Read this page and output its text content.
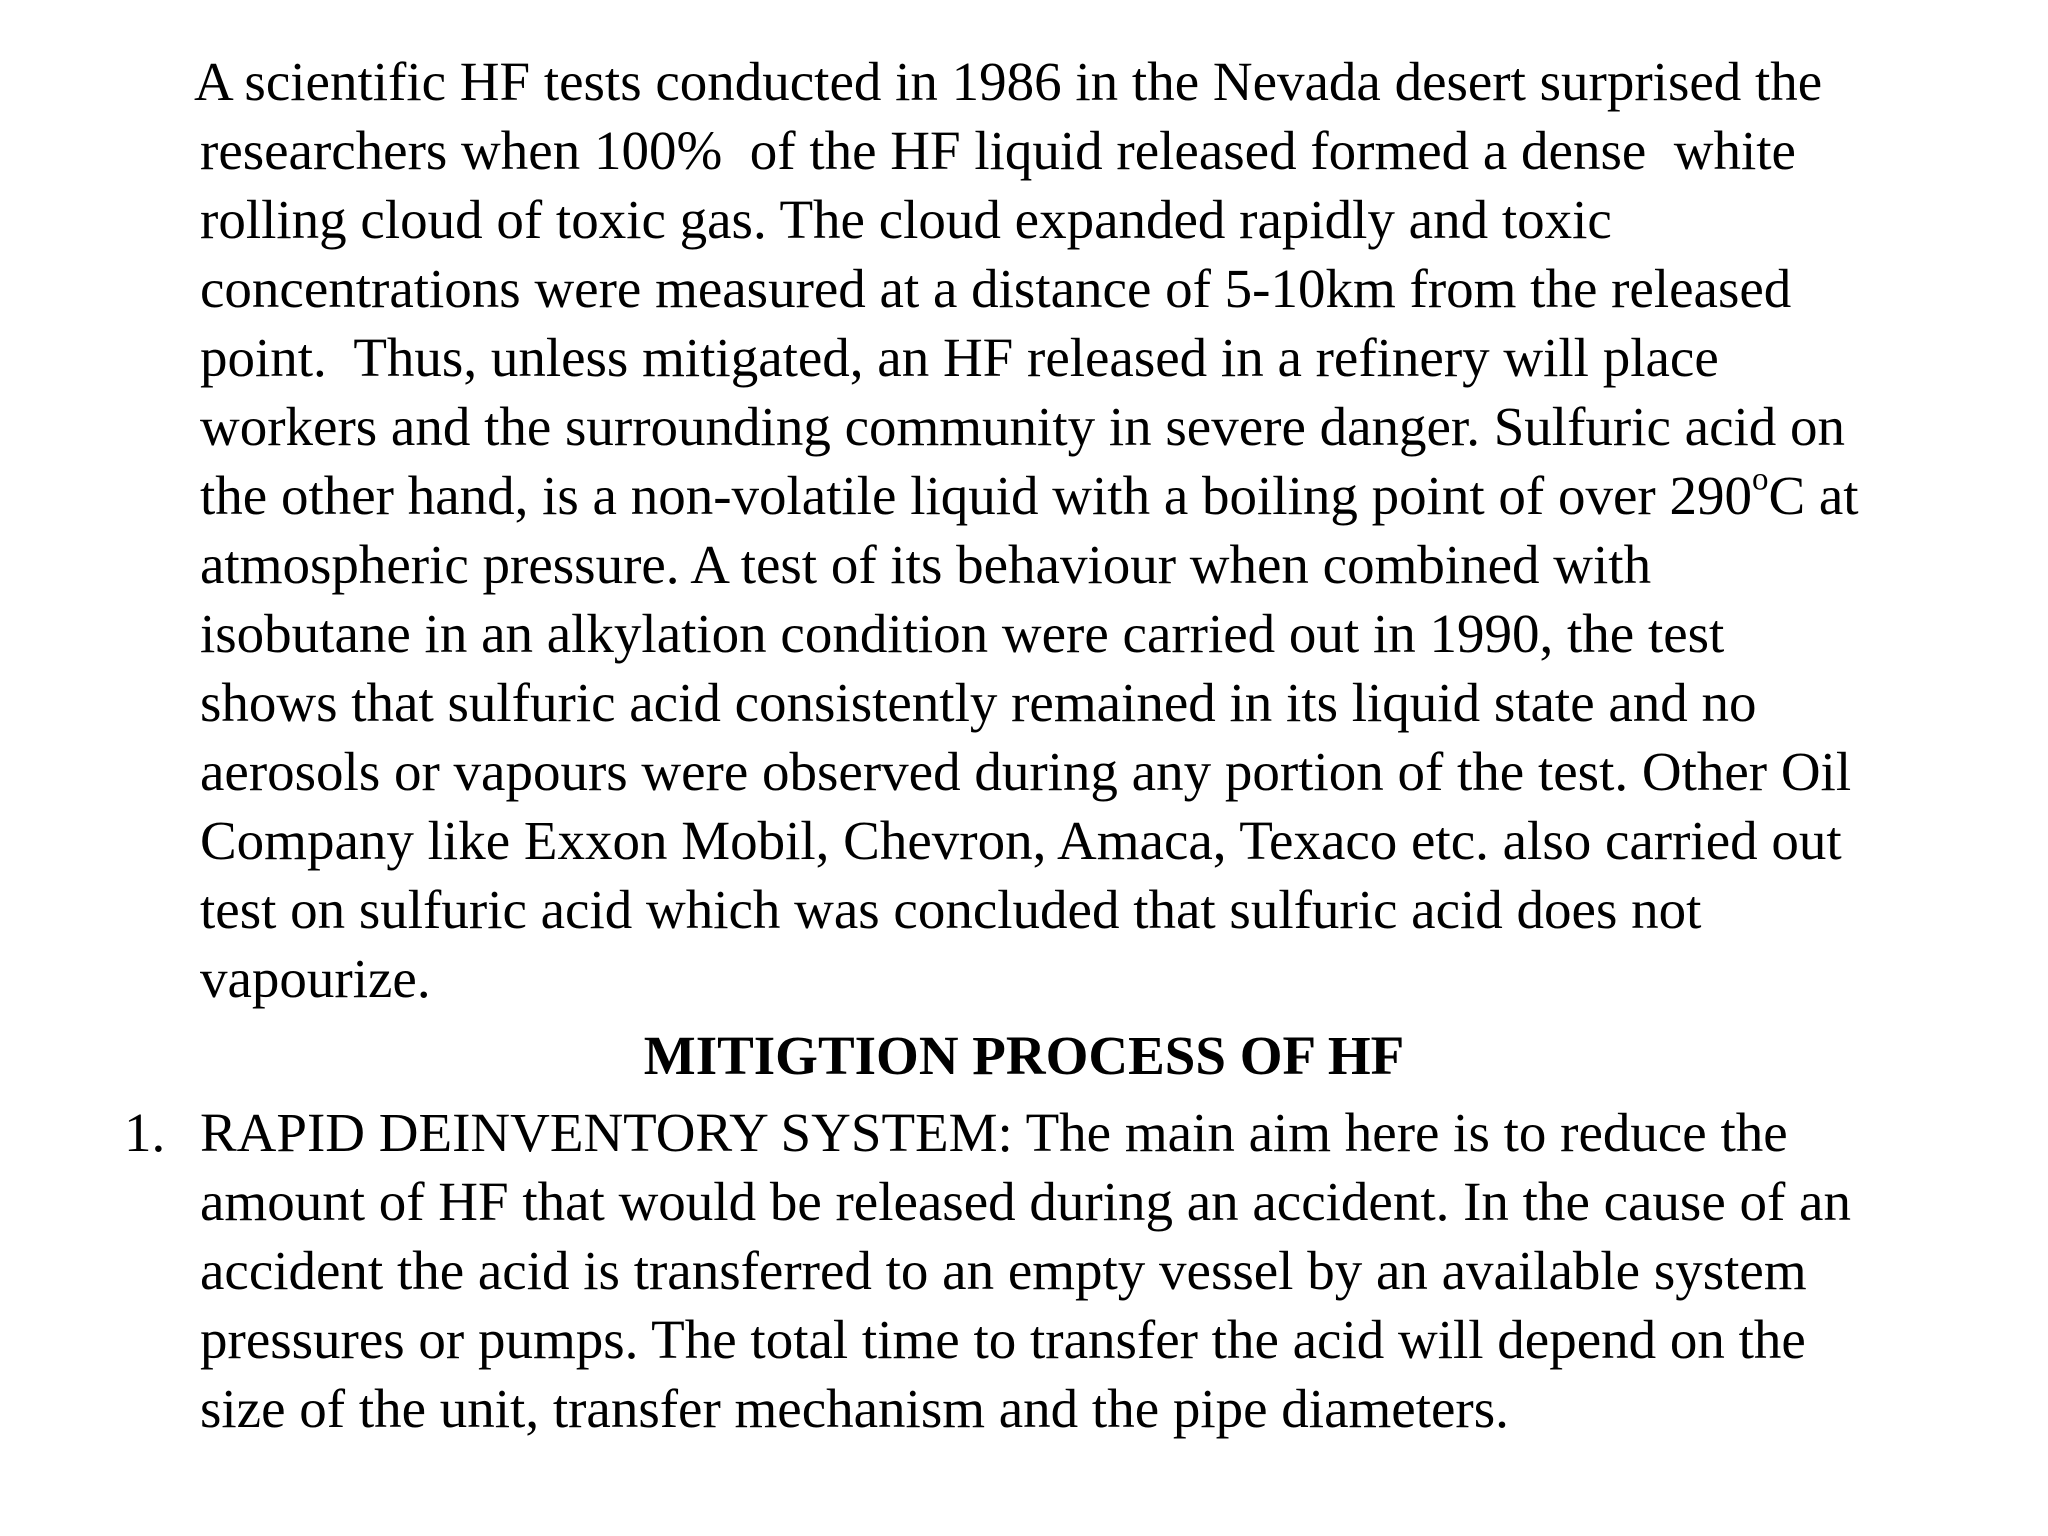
A scientific HF tests conducted in 1986 in the Nevada desert surprised the

researchers when 100%  of the HF liquid released formed a dense  white

rolling cloud of toxic gas. The cloud expanded rapidly and toxic

concentrations were measured at a distance of 5-10km from the released

point.  Thus, unless mitigated, an HF released in a refinery will place

workers and the surrounding community in severe danger. Sulfuric acid on

the other hand, is a non-volatile liquid with a boiling point of over 290$^o$C at

atmospheric pressure. A test of its behaviour when combined with

isobutane in an alkylation condition were carried out in 1990, the test

shows that sulfuric acid consistently remained in its liquid state and no

aerosols or vapours were observed during any portion of the test. Other Oil

Company like Exxon Mobil, Chevron, Amaca, Texaco etc. also carried out

test on sulfuric acid which was concluded that sulfuric acid does not

vapourize.

MITIGTION PROCESS OF HF
1. RAPID DEINVENTORY SYSTEM: The main aim here is to reduce the

amount of HF that would be released during an accident. In the cause of an

accident the acid is transferred to an empty vessel by an available system

pressures or pumps. The total time to transfer the acid will depend on the

size of the unit, transfer mechanism and the pipe diameters.
